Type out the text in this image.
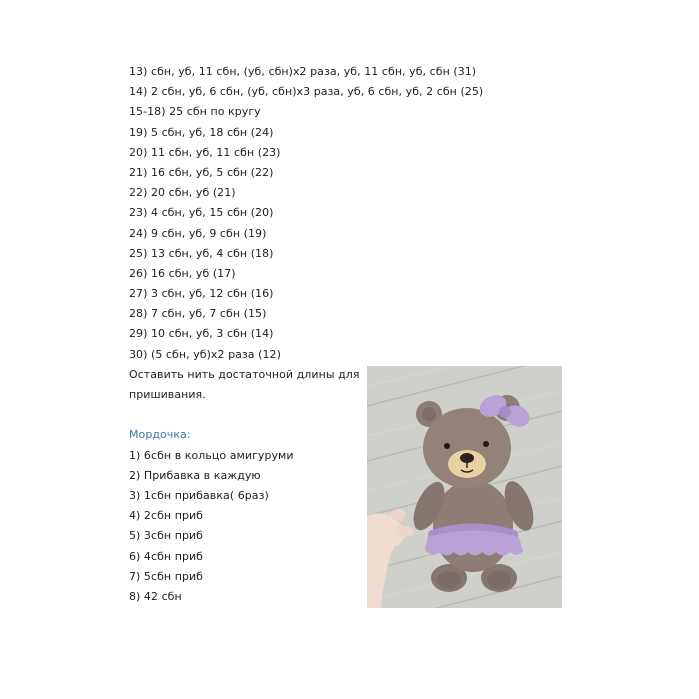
13) сбн, уб, 11 сбн, (уб, сбн)x2 раза, уб, 11 сбн, уб, сбн (31)
14) 2 сбн, уб, 6 сбн, (уб, сбн)x3 раза, уб, 6 сбн, уб, 2 сбн (25)
15-18) 25 сбн по кругу
19) 5 сбн, уб, 18 сбн (24)
20) 11 сбн, уб, 11 сбн (23)
21) 16 сбн, уб, 5 сбн (22)
22) 20 сбн, уб (21)
23) 4 сбн, уб, 15 сбн (20)
24) 9 сбн, уб, 9 сбн (19)
25) 13 сбн, уб, 4 сбн (18)
26) 16 сбн, уб (17)
27) 3 сбн, уб, 12 сбн (16)
28) 7 сбн, уб, 7 сбн (15)
29) 10 сбн, уб, 3 сбн (14)
30) (5 сбн, уб)x2 раза (12)
Оставить нить достаточной длины для
пришивания.
Мордочка:
1) 6сбн в кольцо амигуруми
2) Прибавка в каждую
3) 1сбн прибавка( 6раз)
4) 2сбн приб
5) 3сбн приб
6) 4сбн приб
7) 5сбн приб
8) 42 сбн
